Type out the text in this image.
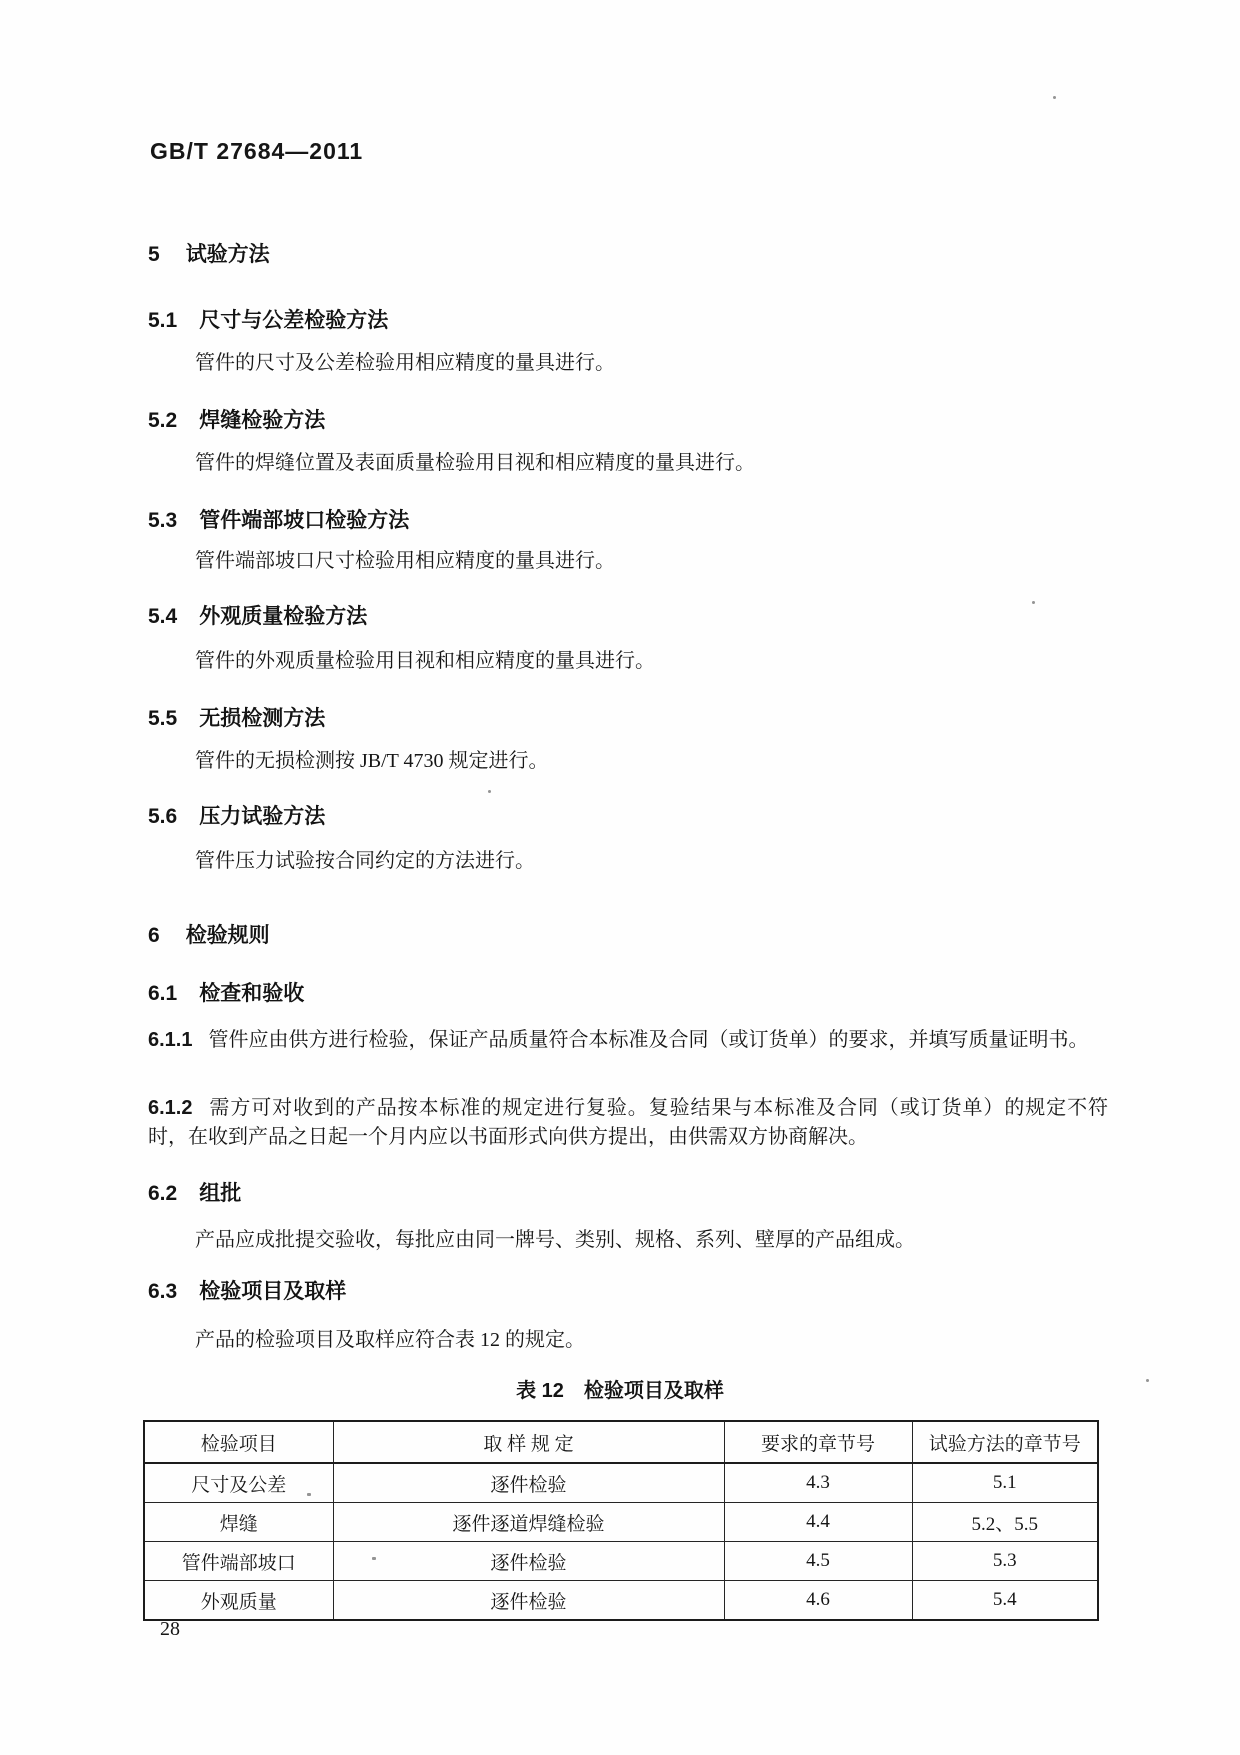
GB/T 27684—2011
5 试验方法
5.1 尺寸与公差检验方法
管件的尺寸及公差检验用相应精度的量具进行。
5.2 焊缝检验方法
管件的焊缝位置及表面质量检验用目视和相应精度的量具进行。
5.3 管件端部坡口检验方法
管件端部坡口尺寸检验用相应精度的量具进行。
5.4 外观质量检验方法
管件的外观质量检验用目视和相应精度的量具进行。
5.5 无损检测方法
管件的无损检测按 JB/T 4730 规定进行。
5.6 压力试验方法
管件压力试验按合同约定的方法进行。
6 检验规则
6.1 检查和验收
6.1.1 管件应由供方进行检验，保证产品质量符合本标准及合同（或订货单）的要求，并填写质量证明书。
6.1.2 需方可对收到的产品按本标准的规定进行复验。复验结果与本标准及合同（或订货单）的规定不符时，在收到产品之日起一个月内应以书面形式向供方提出，由供需双方协商解决。
6.2 组批
产品应成批提交验收，每批应由同一牌号、类别、规格、系列、壁厚的产品组成。
6.3 检验项目及取样
产品的检验项目及取样应符合表 12 的规定。
表 12　检验项目及取样
检验项目	取 样 规 定	要求的章节号	试验方法的章节号
尺寸及公差	逐件检验	4.3	5.1
焊缝	逐件逐道焊缝检验	4.4	5.2、5.5
管件端部坡口	逐件检验	4.5	5.3
外观质量	逐件检验	4.6	5.4
28
